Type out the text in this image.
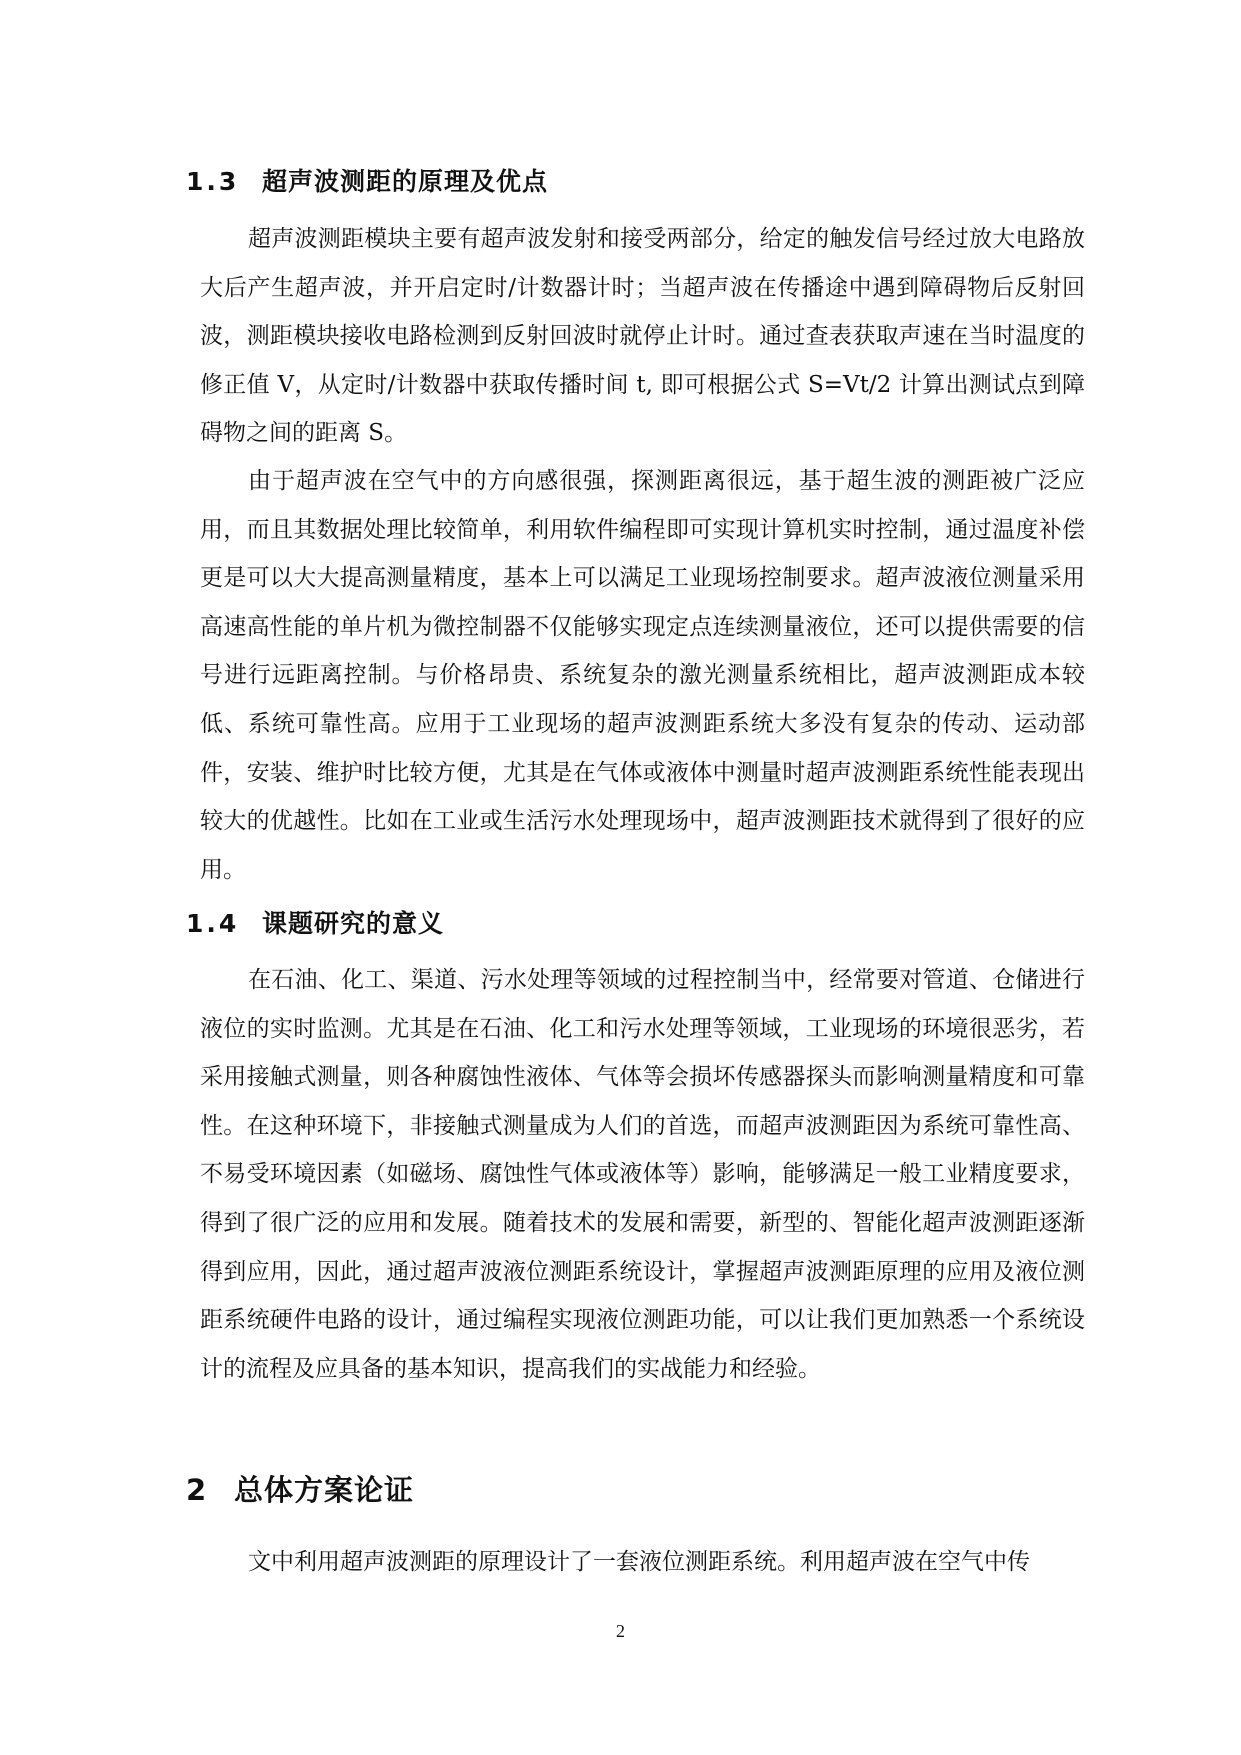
1.3 超声波测距的原理及优点

超声波测距模块主要有超声波发射和接受两部分，给定的触发信号经过放大电路放大后产生超声波，并开启定时/计数器计时；当超声波在传播途中遇到障碍物后反射回波，测距模块接收电路检测到反射回波时就停止计时。通过查表获取声速在当时温度的修正值 V，从定时/计数器中获取传播时间 t, 即可根据公式 S=Vt/2 计算出测试点到障碍物之间的距离 S。

由于超声波在空气中的方向感很强，探测距离很远，基于超生波的测距被广泛应用，而且其数据处理比较简单，利用软件编程即可实现计算机实时控制，通过温度补偿更是可以大大提高测量精度，基本上可以满足工业现场控制要求。超声波液位测量采用高速高性能的单片机为微控制器不仅能够实现定点连续测量液位，还可以提供需要的信号进行远距离控制。与价格昂贵、系统复杂的激光测量系统相比，超声波测距成本较低、系统可靠性高。应用于工业现场的超声波测距系统大多没有复杂的传动、运动部件，安装、维护时比较方便，尤其是在气体或液体中测量时超声波测距系统性能表现出较大的优越性。比如在工业或生活污水处理现场中，超声波测距技术就得到了很好的应用。

1.4 课题研究的意义

在石油、化工、渠道、污水处理等领域的过程控制当中，经常要对管道、仓储进行液位的实时监测。尤其是在石油、化工和污水处理等领域，工业现场的环境很恶劣，若采用接触式测量，则各种腐蚀性液体、气体等会损坏传感器探头而影响测量精度和可靠性。在这种环境下，非接触式测量成为人们的首选，而超声波测距因为系统可靠性高、不易受环境因素（如磁场、腐蚀性气体或液体等）影响，能够满足一般工业精度要求，得到了很广泛的应用和发展。随着技术的发展和需要，新型的、智能化超声波测距逐渐得到应用，因此，通过超声波液位测距系统设计，掌握超声波测距原理的应用及液位测距系统硬件电路的设计，通过编程实现液位测距功能，可以让我们更加熟悉一个系统设计的流程及应具备的基本知识，提高我们的实战能力和经验。

2 总体方案论证

文中利用超声波测距的原理设计了一套液位测距系统。利用超声波在空气中传

2
